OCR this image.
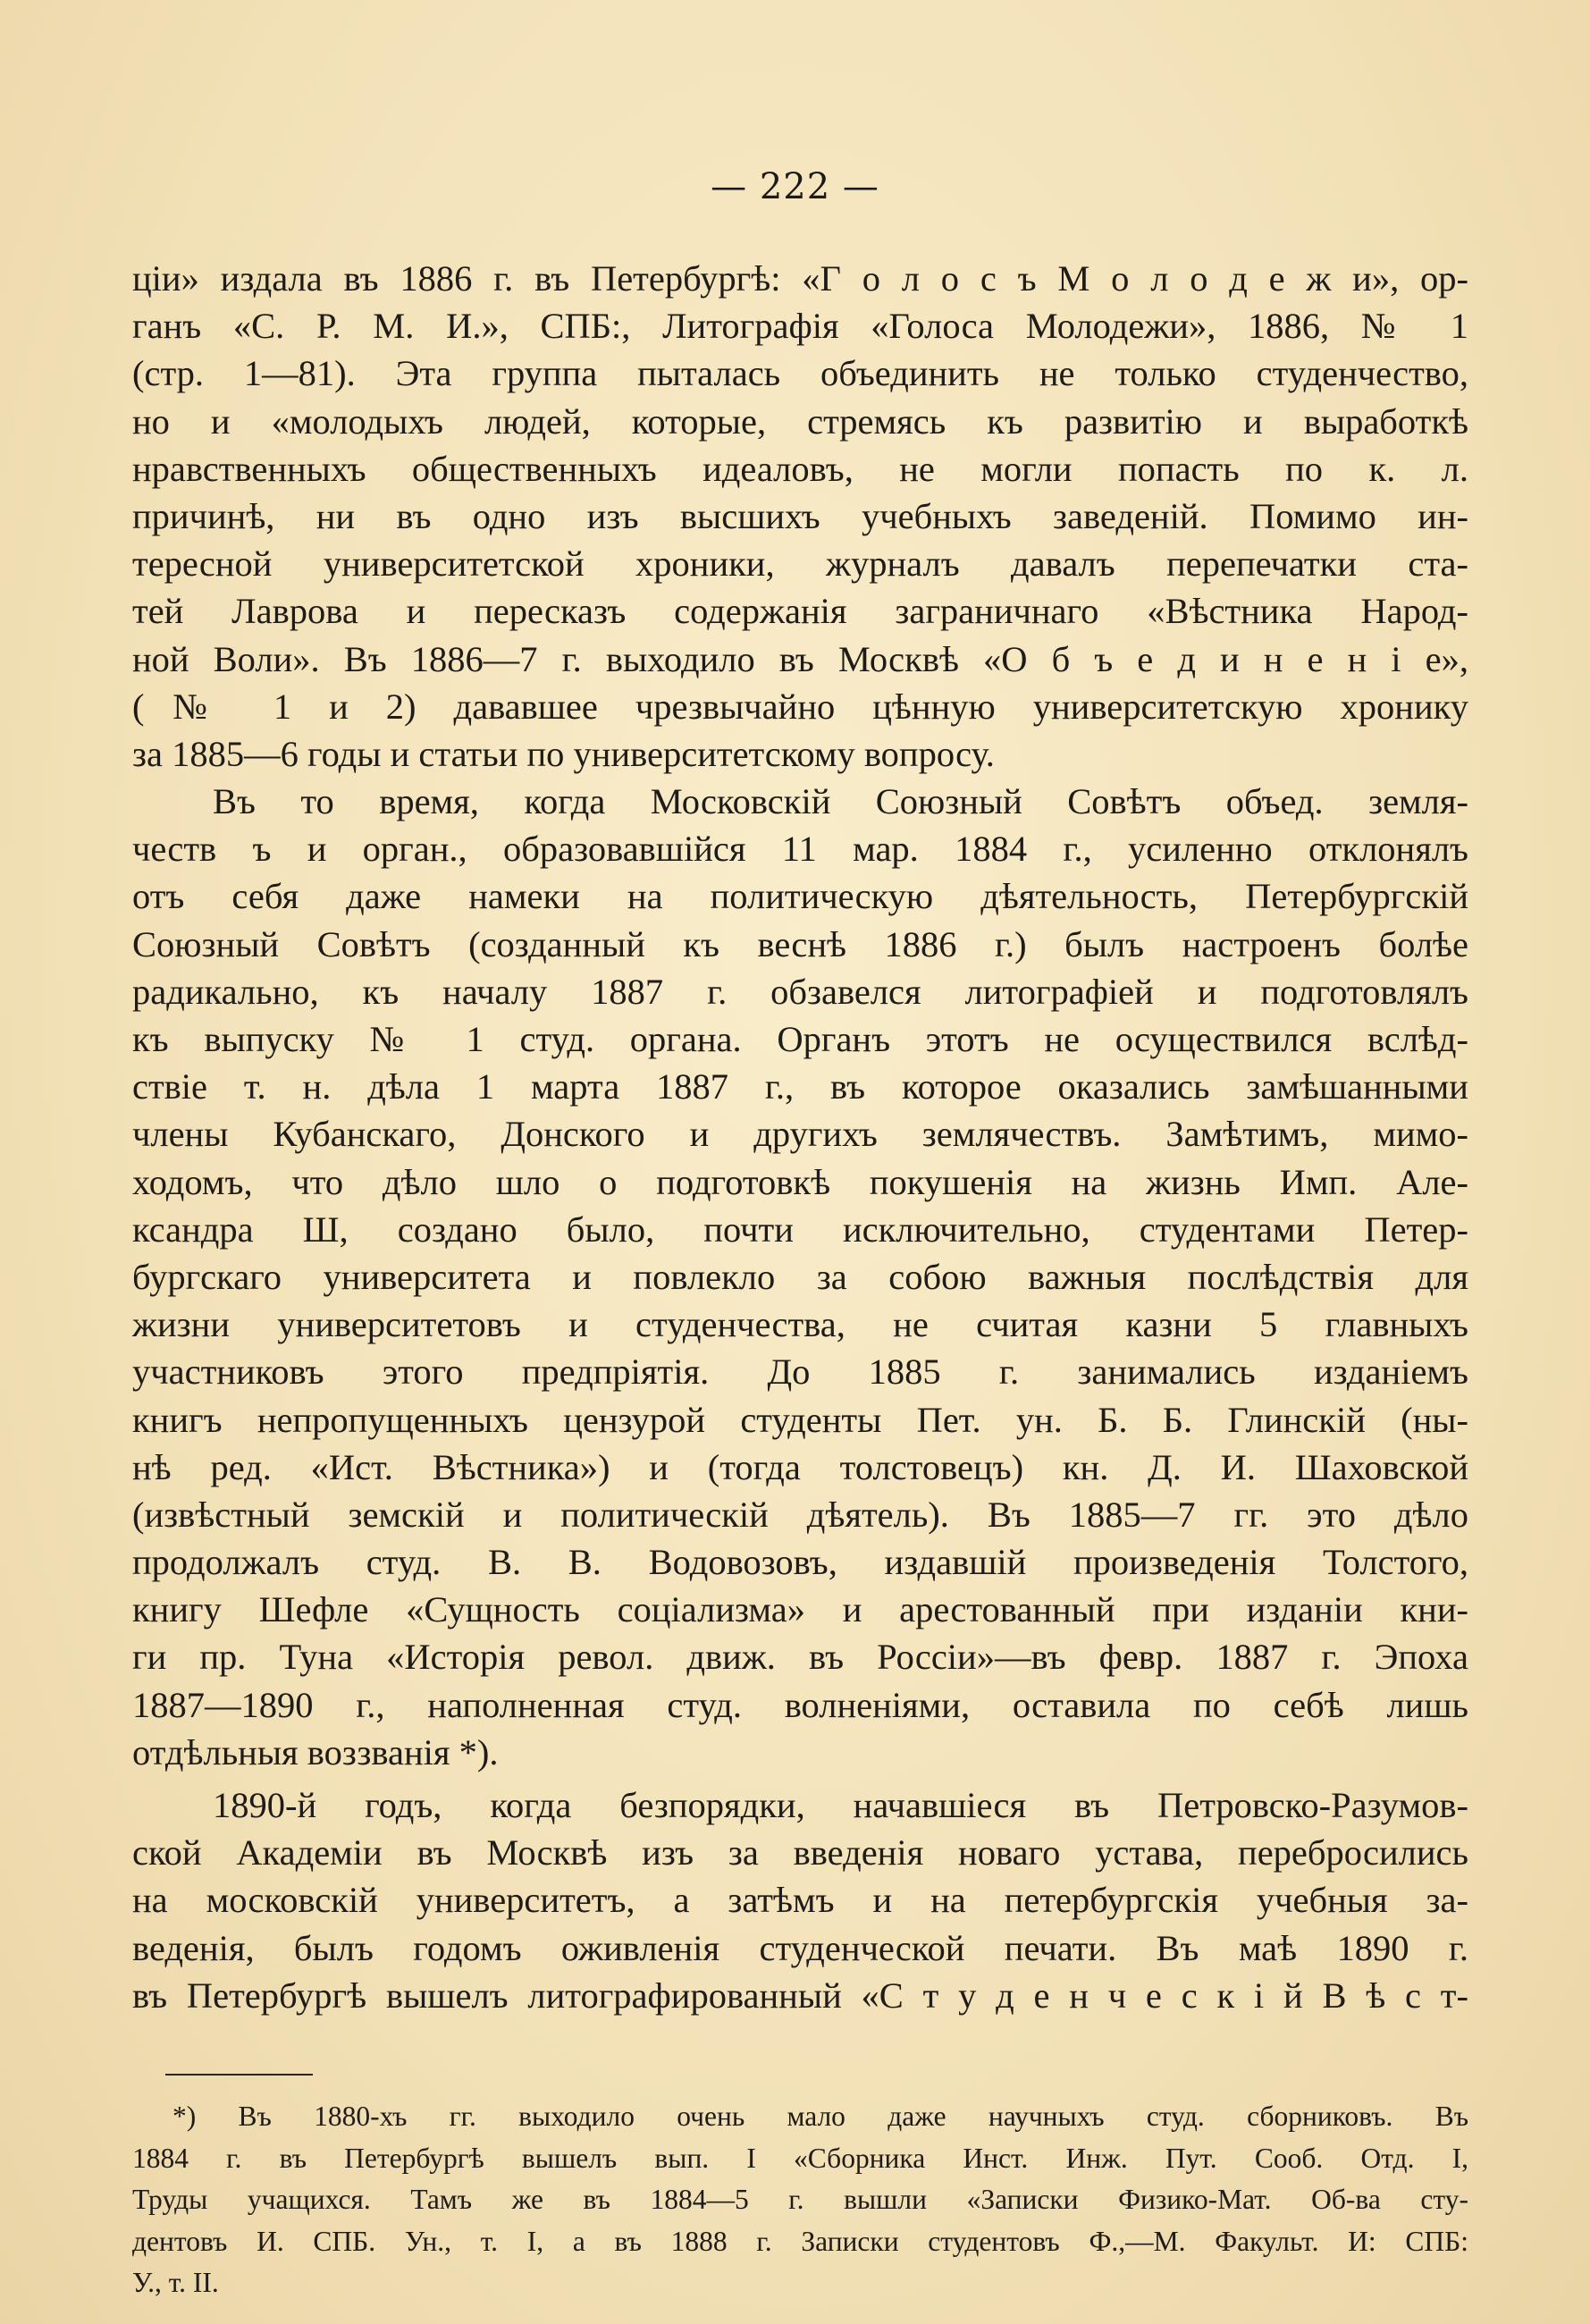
— 222 —
ціи» издала въ 1886 г. въ Петербургѣ: «Г о л о с ъ М о л о д е ж и», ор-
ганъ «С. Р. М. И.», СПБ:, Литографія «Голоса Молодежи», 1886, № 1
(стр. 1—81). Эта группа пыталась объединить не только студенчество,
но и «молодыхъ людей, которые, стремясь къ развитію и выработкѣ
нравственныхъ общественныхъ идеаловъ, не могли попасть по к. л.
причинѣ, ни въ одно изъ высшихъ учебныхъ заведеній. Помимо ин-
тересной университетской хроники, журналъ давалъ перепечатки ста-
тей Лаврова и пересказъ содержанія заграничнаго «Вѣстника Народ-
ной Воли». Въ 1886—7 г. выходило въ Москвѣ «О б ъ е д и н е н і е»,
(№ 1 и 2) дававшее чрезвычайно цѣнную университетскую хронику
за 1885—6 годы и статьи по университетскому вопросу.
Въ то время, когда Московскій Союзный Совѣтъ объед. земля-
честв ъ и орган., образовавшійся 11 мар. 1884 г., усиленно отклонялъ
отъ себя даже намеки на политическую дѣятельность, Петербургскій
Союзный Совѣтъ (созданный къ веснѣ 1886 г.) былъ настроенъ болѣе
радикально, къ началу 1887 г. обзавелся литографіей и подготовлялъ
къ выпуску № 1 студ. органа. Органъ этотъ не осуществился вслѣд-
ствіе т. н. дѣла 1 марта 1887 г., въ которое оказались замѣшанными
члены Кубанскаго, Донского и другихъ землячествъ. Замѣтимъ, мимо-
ходомъ, что дѣло шло о подготовкѣ покушенія на жизнь Имп. Але-
ксандра Ш, создано было, почти исключительно, студентами Петер-
бургскаго университета и повлекло за собою важныя послѣдствія для
жизни университетовъ и студенчества, не считая казни 5 главныхъ
участниковъ этого предпріятія. До 1885 г. занимались изданіемъ
книгъ непропущенныхъ цензурой студенты Пет. ун. Б. Б. Глинскій (ны-
нѣ ред. «Ист. Вѣстника») и (тогда толстовецъ) кн. Д. И. Шаховской
(извѣстный земскій и политическій дѣятель). Въ 1885—7 гг. это дѣло
продолжалъ студ. В. В. Водовозовъ, издавшій произведенія Толстого,
книгу Шефле «Сущность соціализма» и арестованный при изданіи кни-
ги пр. Туна «Исторія револ. движ. въ Россіи»—въ февр. 1887 г. Эпоха
1887—1890 г., наполненная студ. волненіями, оставила по себѣ лишь
отдѣльныя воззванія *).
1890-й годъ, когда безпорядки, начавшіеся въ Петровско-Разумов-
ской Академіи въ Москвѣ изъ за введенія новаго устава, перебросились
на московскій университетъ, а затѣмъ и на петербургскія учебныя за-
веденія, былъ годомъ оживленія студенческой печати. Въ маѣ 1890 г.
въ Петербургѣ вышелъ литографированный «С т у д е н ч е с к і й В ѣ с т-
*) Въ 1880-хъ гг. выходило очень мало даже научныхъ студ. сборниковъ. Въ
1884 г. въ Петербургѣ вышелъ вып. I «Сборника Инст. Инж. Пут. Сооб. Отд. I,
Труды учащихся. Тамъ же въ 1884—5 г. вышли «Записки Физико-Мат. Об-ва сту-
дентовъ И. СПБ. Ун., т. I, а въ 1888 г. Записки студентовъ Ф.,—М. Факульт. И: СПБ:
У., т. II.
